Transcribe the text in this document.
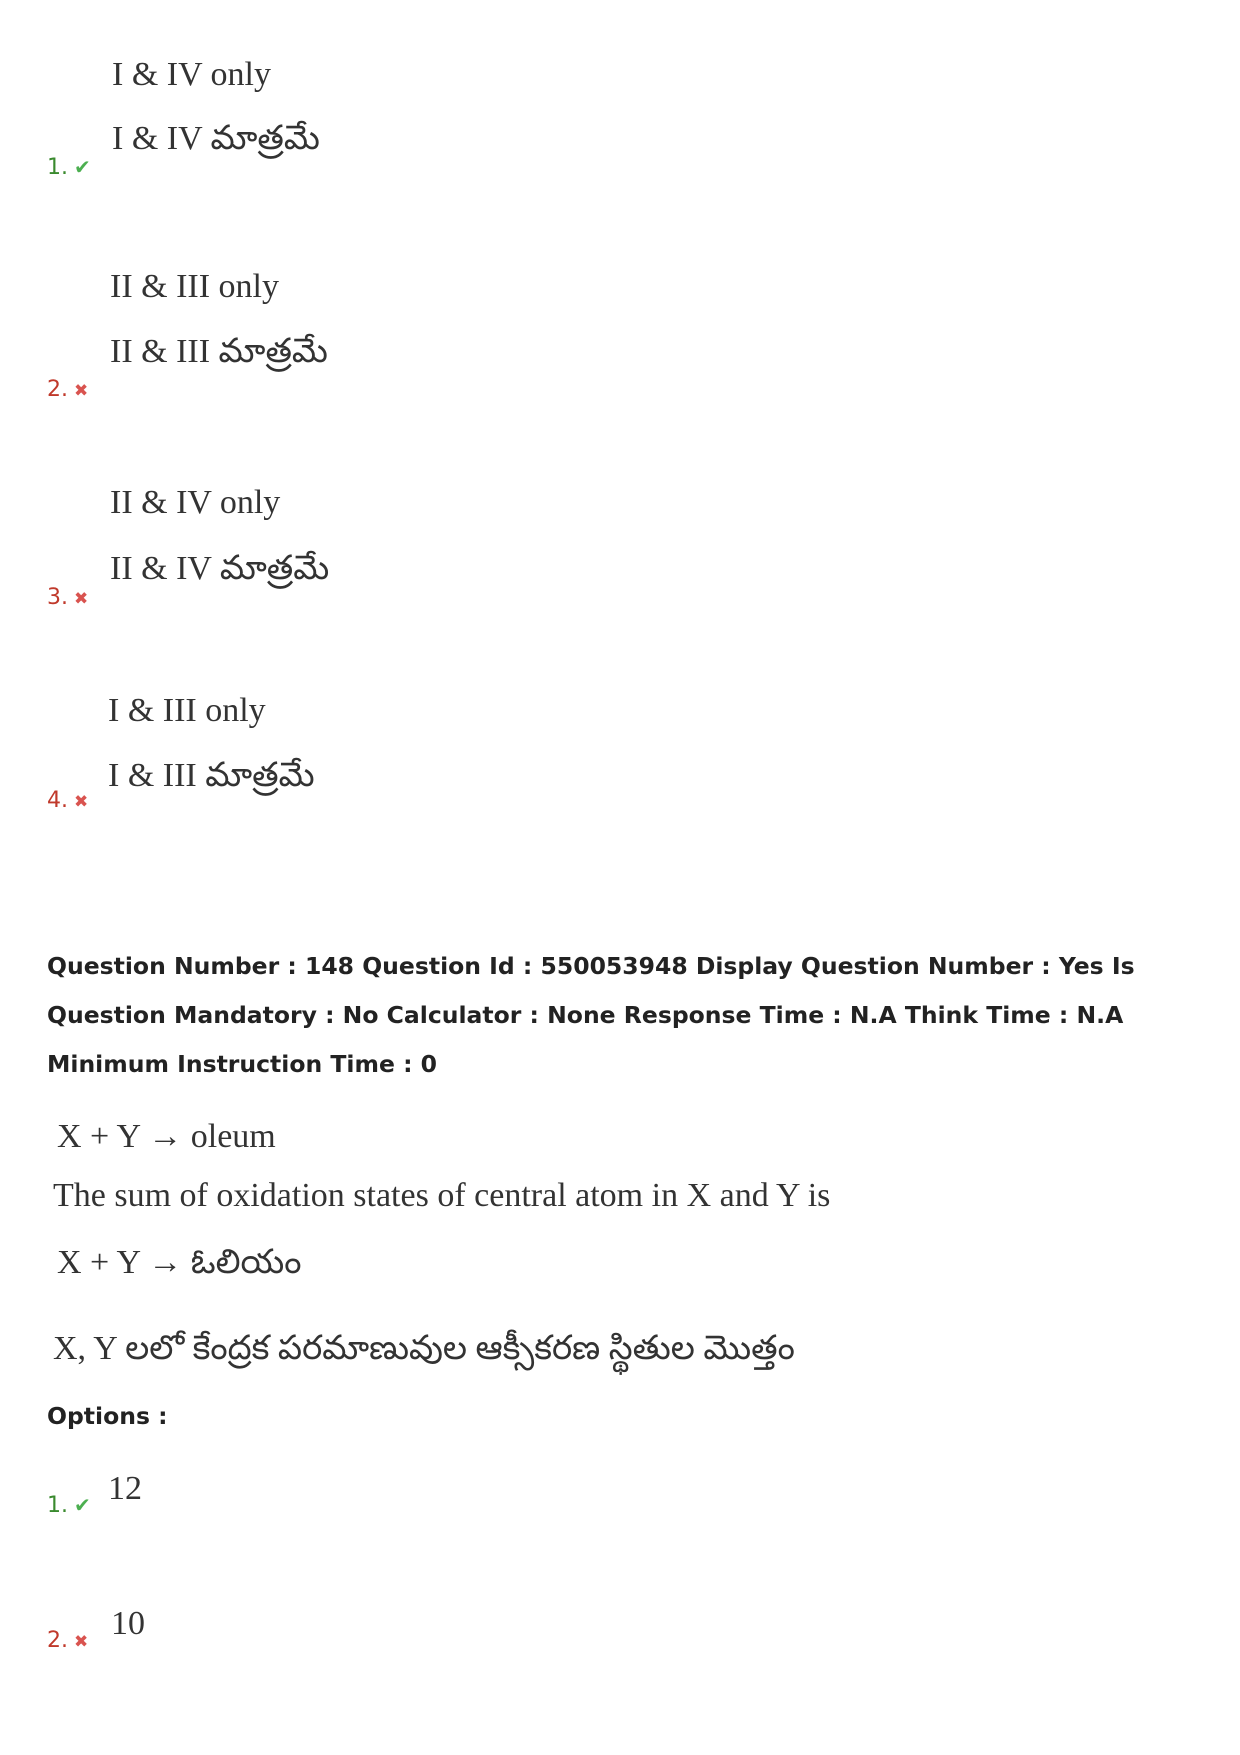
I & IV only
I & IV మాత్రమే
1. ✔
II & III only
II & III మాత్రమే
2. ✖
II & IV only
II & IV మాత్రమే
3. ✖
I & III only
I & III మాత్రమే
4. ✖
Question Number : 148 Question Id : 550053948 Display Question Number : Yes Is Question Mandatory : No Calculator : None Response Time : N.A Think Time : N.A Minimum Instruction Time : 0
X + Y → oleum
The sum of oxidation states of central atom in X and Y is
X + Y → ఓలియం
X, Y లలో కేంద్రక పరమాణువుల ఆక్సీకరణ స్థితుల మొత్తం
Options :
1. ✔ 12
2. ✖ 10
